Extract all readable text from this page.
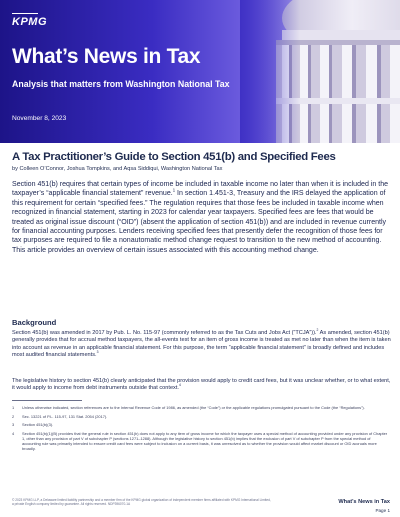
KPMG
What’s News in Tax
Analysis that matters from Washington National Tax
November 8, 2023
A Tax Practitioner’s Guide to Section 451(b) and Specified Fees
by Colleen O’Connor, Joshua Tompkins, and Aqsa Siddiqui, Washington National Tax

Section 451(b) requires that certain types of income be included in taxable income no later than when it is included in the taxpayer’s “applicable financial statement” revenue.$^1$ In section 1.451-3, Treasury and the IRS delayed the application of this requirement for certain “specified fees.” The regulation requires that those fees be included in taxable income when recognized in financial statement, starting in 2023 for calendar year taxpayers. Specified fees are fees that would be treated as original issue discount (“OID”) (absent the application of section 451(b)) and are included in revenue currently for financial accounting purposes. Lenders receiving specified fees that presently defer the recognition of those fees for tax purposes are required to file a nonautomatic method change request to transition to the new method of accounting. This article provides an overview of certain issues associated with this accounting method change.

Background

Section 451(b) was amended in 2017 by Pub. L. No. 115-97 (commonly referred to as the Tax Cuts and Jobs Act (“TCJA”)).$^2$ As amended, section 451(b) generally provides that for accrual method taxpayers, the all-events test for an item of gross income is treated as met no later than when the item is taken into account as revenue in an applicable financial statement. For this purpose, the term “applicable financial statement” is broadly defined and includes most audited financial statements.$^3$

The legislative history to section 451(b) clearly anticipated that the provision would apply to credit card fees, but it was unclear whether, or to what extent, it would apply to income from debt instruments outside that context.$^4$

1	Unless otherwise indicated, section references are to the Internal Revenue Code of 1986, as amended (the “Code”) or the applicable regulations promulgated pursuant to the Code (the “Regulations”).
2	Sec. 13221 of P.L. 115-97, 131 Stat. 2054 (2017).
3	Section 451(b)(3).
4	Section 451(b)(1)(B) provides that the general rule in section 451(b) does not apply to any item of gross income for which the taxpayer uses a special method of accounting provided under any provision of Chapter 1, other than any provision of part V of subchapter P (sections 1271–1288). Although the legislative history to section 451(b) implies that the exclusion of part V of subchapter P from the special method of accounting rule was primarily intended to ensure credit card fees were subject to inclusion on a current basis, it was unresolved as to whether the provision would affect market discount or OID accruals more broadly.
© 2023 KPMG LLP, a Delaware limited liability partnership and a member firm of the KPMG global organization of independent member firms affiliated with KPMG International Limited, a private English company limited by guarantee. All rights reserved. NDP396070-1A	What’s News in Tax
Page 1
